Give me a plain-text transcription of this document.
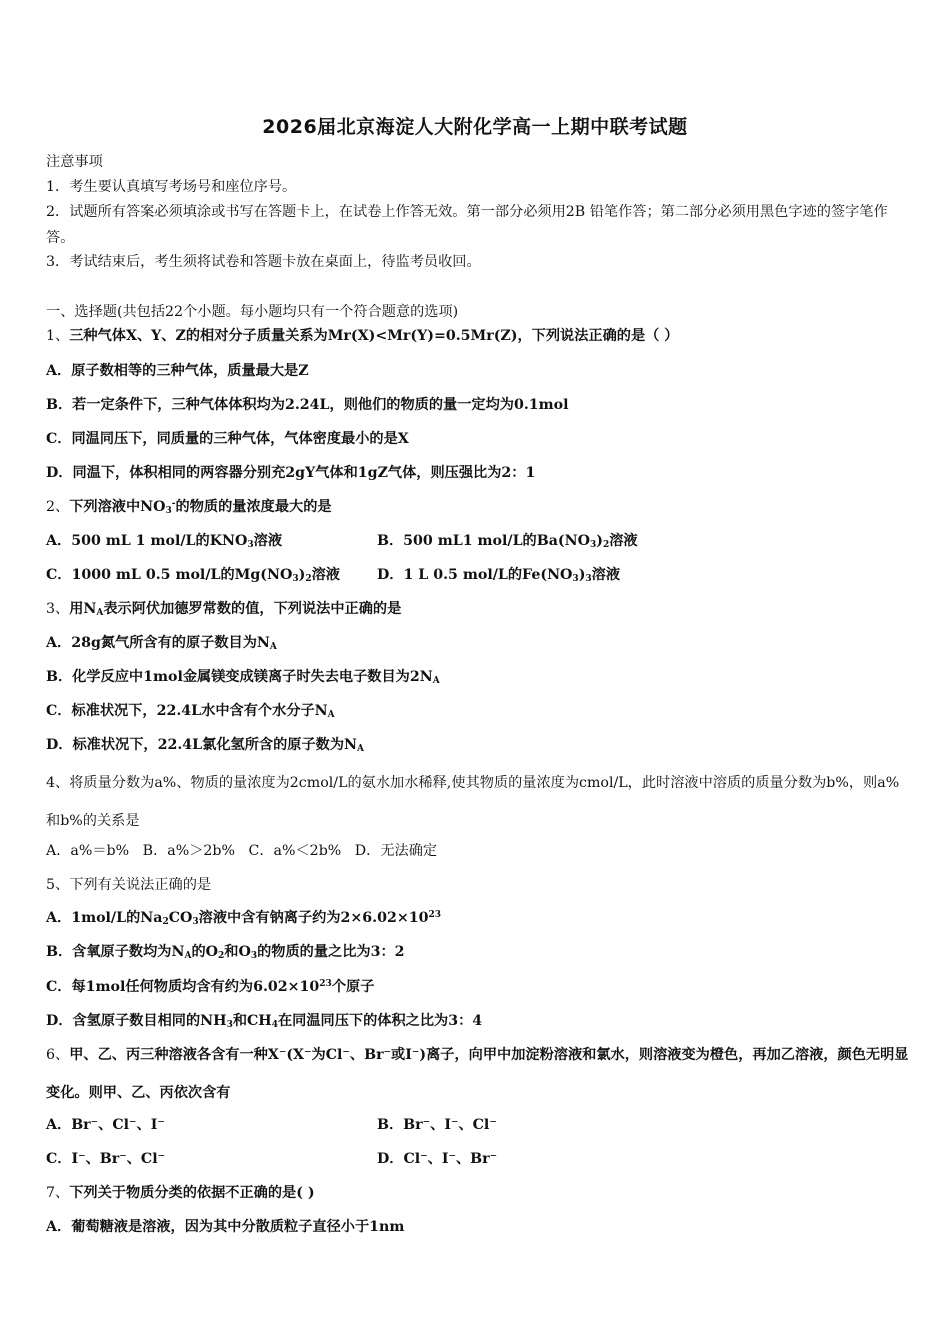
2026届北京海淀人大附化学高一上期中联考试题
注意事项
1．考生要认真填写考场号和座位序号。
2．试题所有答案必须填涂或书写在答题卡上，在试卷上作答无效。第一部分必须用2B 铅笔作答；第二部分必须用黑色字迹的签字笔作答。
3．考试结束后，考生须将试卷和答题卡放在桌面上，待监考员收回。
一、选择题(共包括22个小题。每小题均只有一个符合题意的选项)
1、三种气体X、Y、Z的相对分子质量关系为Mr(X)<Mr(Y)=0.5Mr(Z)，下列说法正确的是（ ）
A．原子数相等的三种气体，质量最大是Z
B．若一定条件下，三种气体体积均为2.24L，则他们的物质的量一定均为0.1mol
C．同温同压下，同质量的三种气体，气体密度最小的是X
D．同温下，体积相同的两容器分别充2gY气体和1gZ气体，则压强比为2：1
2、下列溶液中$NO_3^-$的物质的量浓度最大的是
A．500 mL 1 mol/L的$KNO_3$溶液	B．500 mL1 mol/L的$Ba(NO_3)_2$溶液
C．1000 mL 0.5 mol/L的$Mg(NO_3)_2$溶液	D．1 L 0.5 mol/L的$Fe(NO_3)_3$溶液
3、用$N_A$表示阿伏加德罗常数的值，下列说法中正确的是
A．28g氮气所含有的原子数目为$N_A$
B．化学反应中1mol金属镁变成镁离子时失去电子数目为$2N_A$
C．标准状况下，22.4L水中含有个水分子$N_A$
D．标准状况下，22.4L氯化氢所含的原子数为$N_A$
4、将质量分数为a%、物质的量浓度为2cmol/L的氨水加水稀释,使其物质的量浓度为cmol/L，此时溶液中溶质的质量分数为b%，则a%和b%的关系是
A．a%＝b%   B．a%＞2b%   C．a%＜2b%   D．无法确定
5、下列有关说法正确的是
A．1mol/L的$Na_2CO_3$溶液中含有钠离子约为$2\times 6.02\times 10^{23}$
B．含氧原子数均为$N_A$的$O_2$和$O_3$的物质的量之比为3：2
C．每1mol任何物质均含有约为$6.02\times 10^{23}$个原子
D．含氢原子数目相同的$NH_3$和$CH_4$在同温同压下的体积之比为3：4
6、甲、乙、丙三种溶液各含有一种X⁻(X⁻为Cl⁻、Br⁻或I⁻)离子，向甲中加淀粉溶液和氯水，则溶液变为橙色，再加乙溶液，颜色无明显变化。则甲、乙、丙依次含有
A．Br⁻、Cl⁻、I⁻	B．Br⁻、I⁻、Cl⁻
C．I⁻、Br⁻、Cl⁻	D．Cl⁻、I⁻、Br⁻
7、下列关于物质分类的依据不正确的是( )
A．葡萄糖液是溶液，因为其中分散质粒子直径小于1nm
